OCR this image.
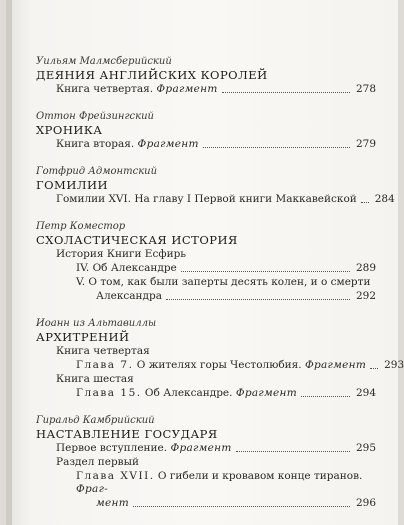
Уильям Малмсберийский
ДЕЯНИЯ АНГЛИЙСКИХ КОРОЛЕЙ
Книга четвертая. Фрагмент	278
Оттон Фрейзингский
ХРОНИКА
Книга вторая. Фрагмент	279
Готфрид Адмонтский
ГОМИЛИИ
Гомилии XVI. На главу I Первой книги Маккавейской 284
Петр Коместор
СХОЛАСТИЧЕСКАЯ ИСТОРИЯ
История Книги Есфирь
IV. Об Александре	289
V. О том, как были заперты десять колен, и о смерти
Александра	292
Иоанн из Альтавиллы
АРХИТРЕНИЙ
Книга четвертая
Глава 7. О жителях горы Честолюбия. Фрагмент 293
Книга шестая
Глава 15. Об Александре. Фрагмент	294
Гиральд Камбрийский
НАСТАВЛЕНИЕ ГОСУДАРЯ
Первое вступление. Фрагмент	295
Раздел первый
Глава XVII. О гибели и кровавом конце тиранов. Фраг-
мент	296
